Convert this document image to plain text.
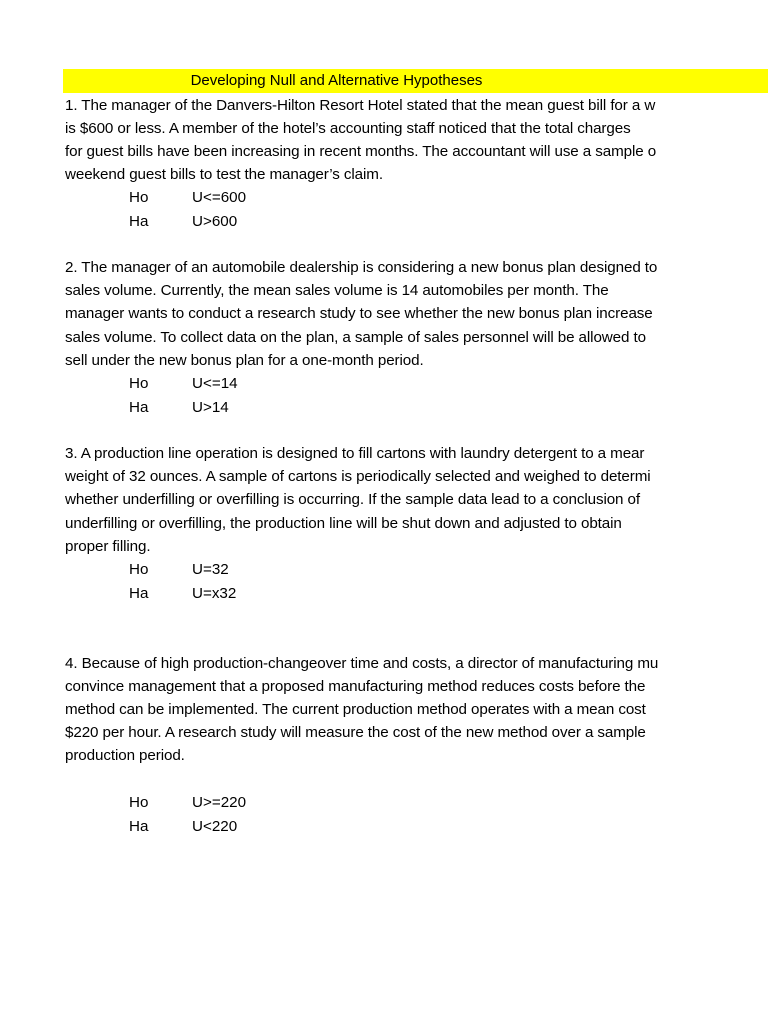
Developing Null and Alternative Hypotheses
1. The manager of the Danvers-Hilton Resort Hotel stated that the mean guest bill for a w
is $600 or less. A member of the hotel’s accounting staff noticed that the total charges
for guest bills have been increasing in recent months. The accountant will use a sample o
weekend guest bills to test the manager’s claim.
Ho	U<=600
Ha	U>600
2. The manager of an automobile dealership is considering a new bonus plan designed to
sales volume. Currently, the mean sales volume is 14 automobiles per month. The
manager wants to conduct a research study to see whether the new bonus plan increase
sales volume. To collect data on the plan, a sample of sales personnel will be allowed to
sell under the new bonus plan for a one-month period.
Ho	U<=14
Ha	U>14
3. A production line operation is designed to fill cartons with laundry detergent to a mear
weight of 32 ounces. A sample of cartons is periodically selected and weighed to determi
whether underfilling or overfilling is occurring. If the sample data lead to a conclusion of
underfilling or overfilling, the production line will be shut down and adjusted to obtain
proper filling.
Ho	U=32
Ha	U=x32
4. Because of high production-changeover time and costs, a director of manufacturing mu
convince management that a proposed manufacturing method reduces costs before the
method can be implemented. The current production method operates with a mean cost
$220 per hour. A research study will measure the cost of the new method over a sample
production period.
Ho	U>=220
Ha	U<220
